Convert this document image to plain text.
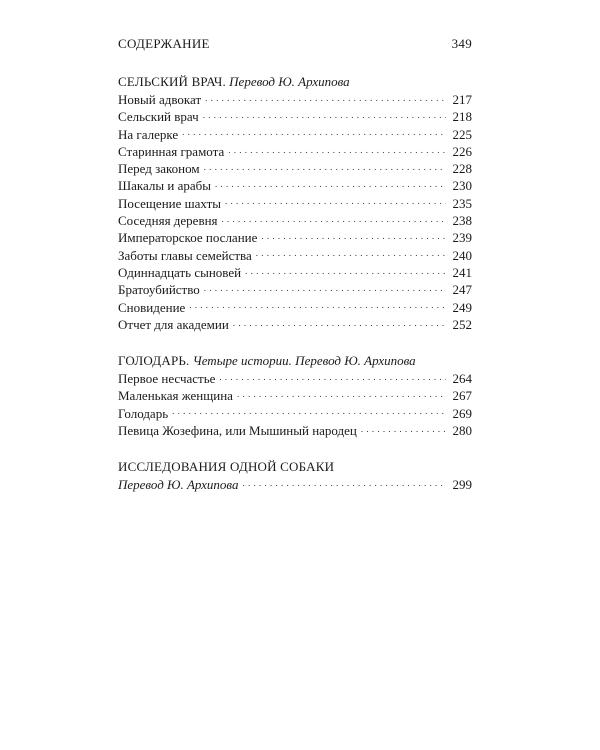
СОДЕРЖАНИЕ	349
СЕЛЬСКИЙ ВРАЧ. Перевод Ю. Архипова
Новый адвокат . . .	217
Сельский врач . . .	218
На галерке . . .	225
Старинная грамота . . .	226
Перед законом . . .	228
Шакалы и арабы . . .	230
Посещение шахты . . .	235
Соседняя деревня . . .	238
Императорское послание . . .	239
Заботы главы семейства . . .	240
Одиннадцать сыновей . . .	241
Братоубийство . . .	247
Сновидение . . .	249
Отчет для академии . . .	252
ГОЛОДАРЬ. Четыре истории. Перевод Ю. Архипова
Первое несчастье . . .	264
Маленькая женщина . . .	267
Голодарь . . .	269
Певица Жозефина, или Мышиный народец . . .	280
ИССЛЕДОВАНИЯ ОДНОЙ СОБАКИ
Перевод Ю. Архипова . . .	299
